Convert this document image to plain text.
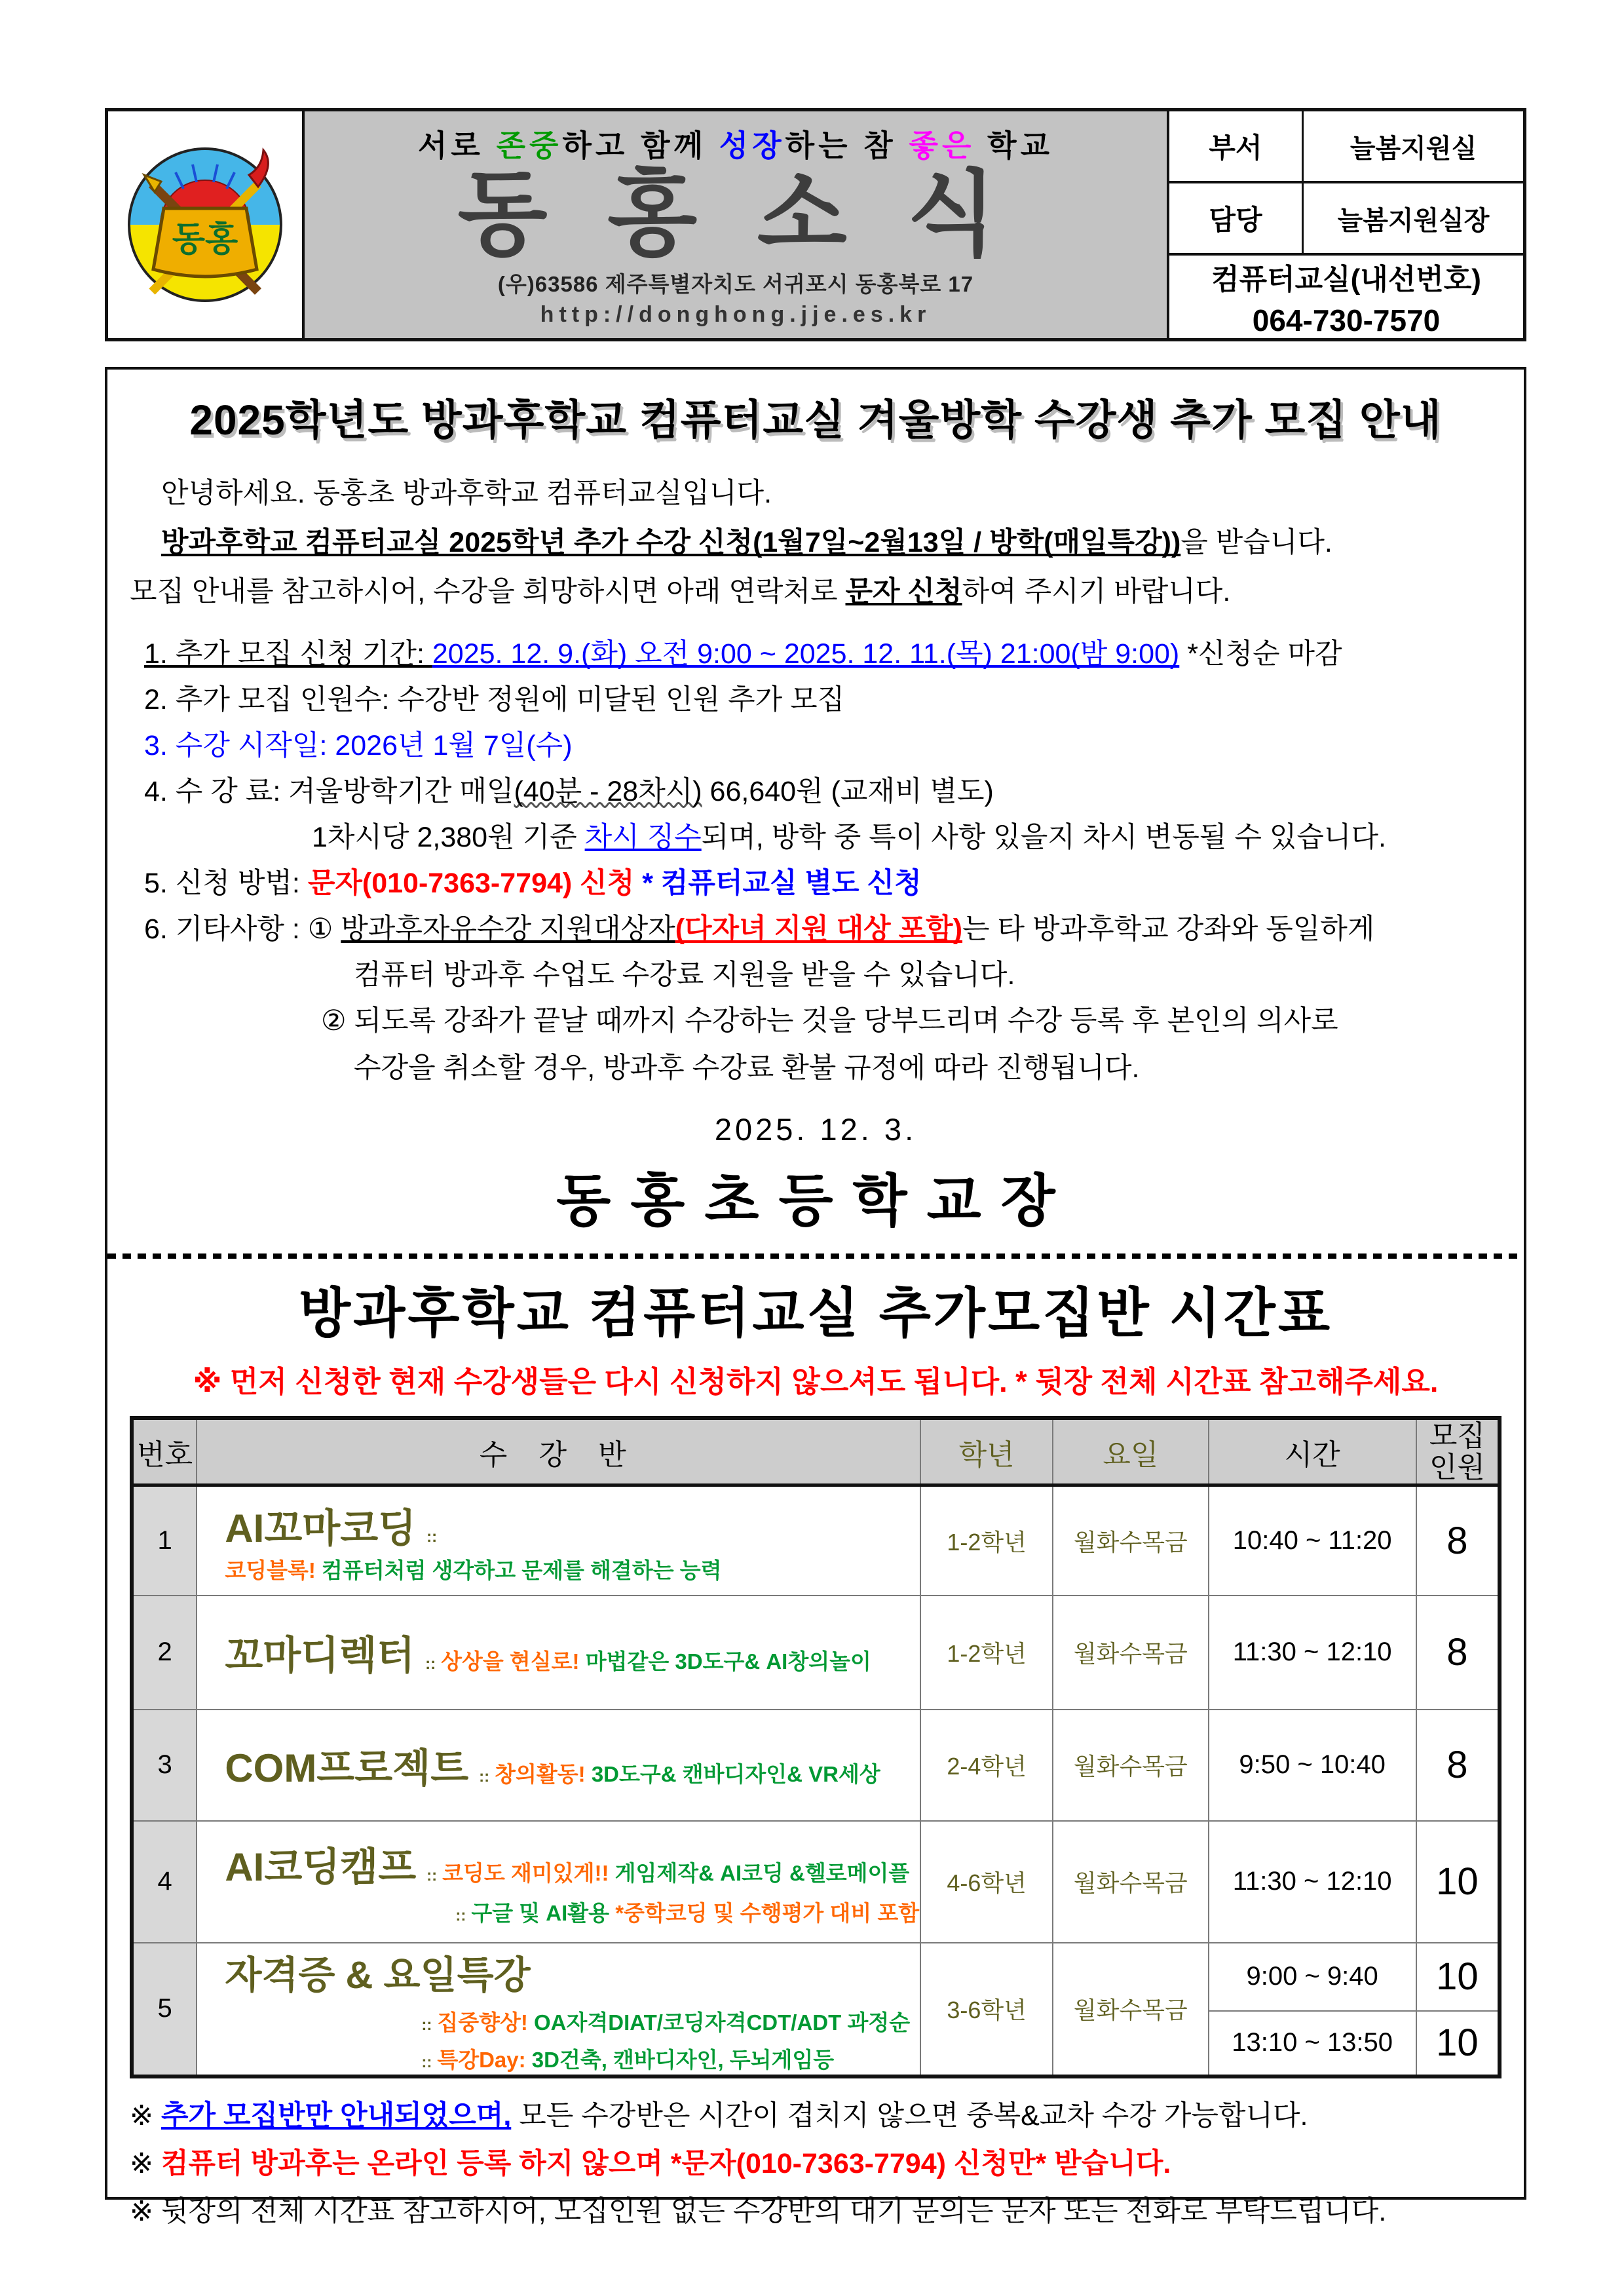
동홍
서로 존중하고 함께 성장하는 참 좋은 학교
동 홍 소 식
(우)63586 제주특별자치도 서귀포시 동홍북로 17
http://donghong.jje.es.kr
부서	늘봄지원실
담당	늘봄지원실장
컴퓨터교실(내선번호)
064-730-7570
2025학년도 방과후학교 컴퓨터교실 겨울방학 수강생 추가 모집 안내
안녕하세요. 동홍초 방과후학교 컴퓨터교실입니다.
방과후학교 컴퓨터교실 2025학년 추가 수강 신청(1월7일~2월13일 / 방학(매일특강))을 받습니다.
모집 안내를 참고하시어, 수강을 희망하시면 아래 연락처로 문자 신청하여 주시기 바랍니다.
1. 추가 모집 신청 기간: 2025. 12. 9.(화) 오전 9:00 ~ 2025. 12. 11.(목) 21:00(밤 9:00) *신청순 마감
2. 추가 모집 인원수: 수강반 정원에 미달된 인원 추가 모집
3. 수강 시작일: 2026년 1월 7일(수)
4. 수 강 료: 겨울방학기간 매일(40분 - 28차시) 66,640원 (교재비 별도)
1차시당 2,380원 기준 차시 징수되며, 방학 중 특이 사항 있을지 차시 변동될 수 있습니다.
5. 신청 방법: 문자(010-7363-7794) 신청 * 컴퓨터교실 별도 신청
6. 기타사항 : ① 방과후자유수강 지원대상자(다자녀 지원 대상 포함)는 타 방과후학교 강좌와 동일하게
컴퓨터 방과후 수업도 수강료 지원을 받을 수 있습니다.
② 되도록 강좌가 끝날 때까지 수강하는 것을 당부드리며 수강 등록 후 본인의 의사로
수강을 취소할 경우, 방과후 수강료 환불 규정에 따라 진행됩니다.
2025. 12. 3.
동홍초등학교장
방과후학교 컴퓨터교실 추가모집반 시간표
※ 먼저 신청한 현재 수강생들은 다시 신청하지 않으셔도 됩니다. * 뒷장 전체 시간표 참고해주세요.
번호	수 강 반	학년	요일	시간	모집
인원

1	AI꼬마코딩 ::코딩블록! 컴퓨터처럼 생각하고 문제를 해결하는 능력	1-2학년	월화수목금	10:40 ~ 11:20	8
2	꼬마디렉터 :: 상상을 현실로! 마법같은 3D도구& AI창의놀이	1-2학년	월화수목금	11:30 ~ 12:10	8
3	COM프로젝트 :: 창의활동! 3D도구& 캔바디자인& VR세상	2-4학년	월화수목금	9:50 ~ 10:40	8
4	AI코딩캠프 :: 코딩도 재미있게!! 게임제작& AI코딩 &헬로메이플
:: 구글 및 AI활용 *중학코딩 및 수행평가 대비 포함	4-6학년	월화수목금	11:30 ~ 12:10	10
5	자격증 & 요일특강
:: 집중향상! OA자격DIAT/코딩자격CDT/ADT 과정순
:: 특강Day: 3D건축, 캔바디자인, 두뇌게임등	3-6학년	월화수목금	9:00 ~ 9:40	10
				13:10 ~ 13:50	10
※ 추가 모집반만 안내되었으며, 모든 수강반은 시간이 겹치지 않으면 중복&교차 수강 가능합니다.
※ 컴퓨터 방과후는 온라인 등록 하지 않으며 *문자(010-7363-7794) 신청만* 받습니다.
※ 뒷장의 전체 시간표 참고하시어, 모집인원 없는 수강반의 대기 문의는 문자 또는 전화로 부탁드립니다.
